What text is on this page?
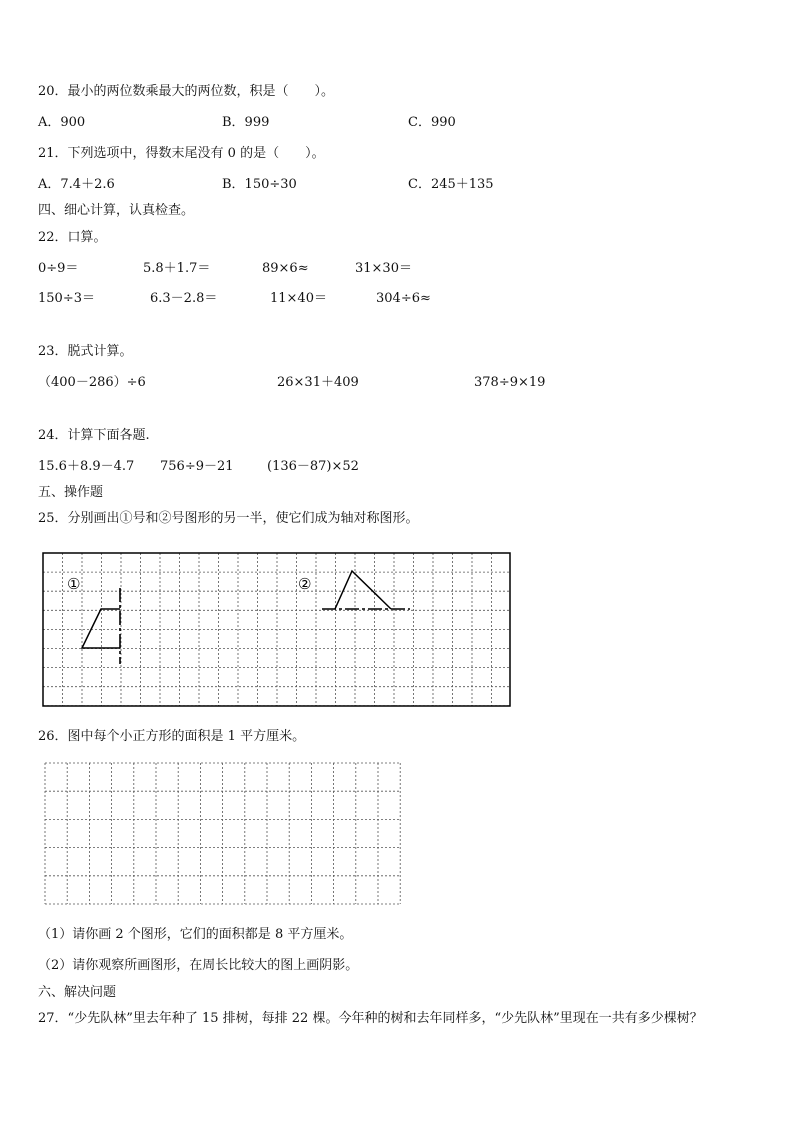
20．最小的两位数乘最大的两位数，积是（　　）。
A．900	B．999	C．990
21．下列选项中，得数末尾没有 0 的是（　　）。
A．7.4＋2.6	B．150÷30	C．245＋135
四、细心计算，认真检查。
22．口算。
0÷9＝	5.8＋1.7＝	89×6≈	31×30＝
150÷3＝	6.3－2.8＝	11×40＝	304÷6≈
23．脱式计算。
（400－286）÷6	26×31＋409	378÷9×19
24．计算下面各题.
15.6＋8.9－4.7 756÷9－21	(136－87)×52
五、操作题
25．分别画出①号和②号图形的另一半，使它们成为轴对称图形。
①	②
26．图中每个小正方形的面积是 1 平方厘米。
（1）请你画 2 个图形，它们的面积都是 8 平方厘米。
（2）请你观察所画图形，在周长比较大的图上画阴影。
六、解决问题
27．“少先队林”里去年种了 15 排树，每排 22 棵。今年种的树和去年同样多，“少先队林”里现在一共有多少棵树？
